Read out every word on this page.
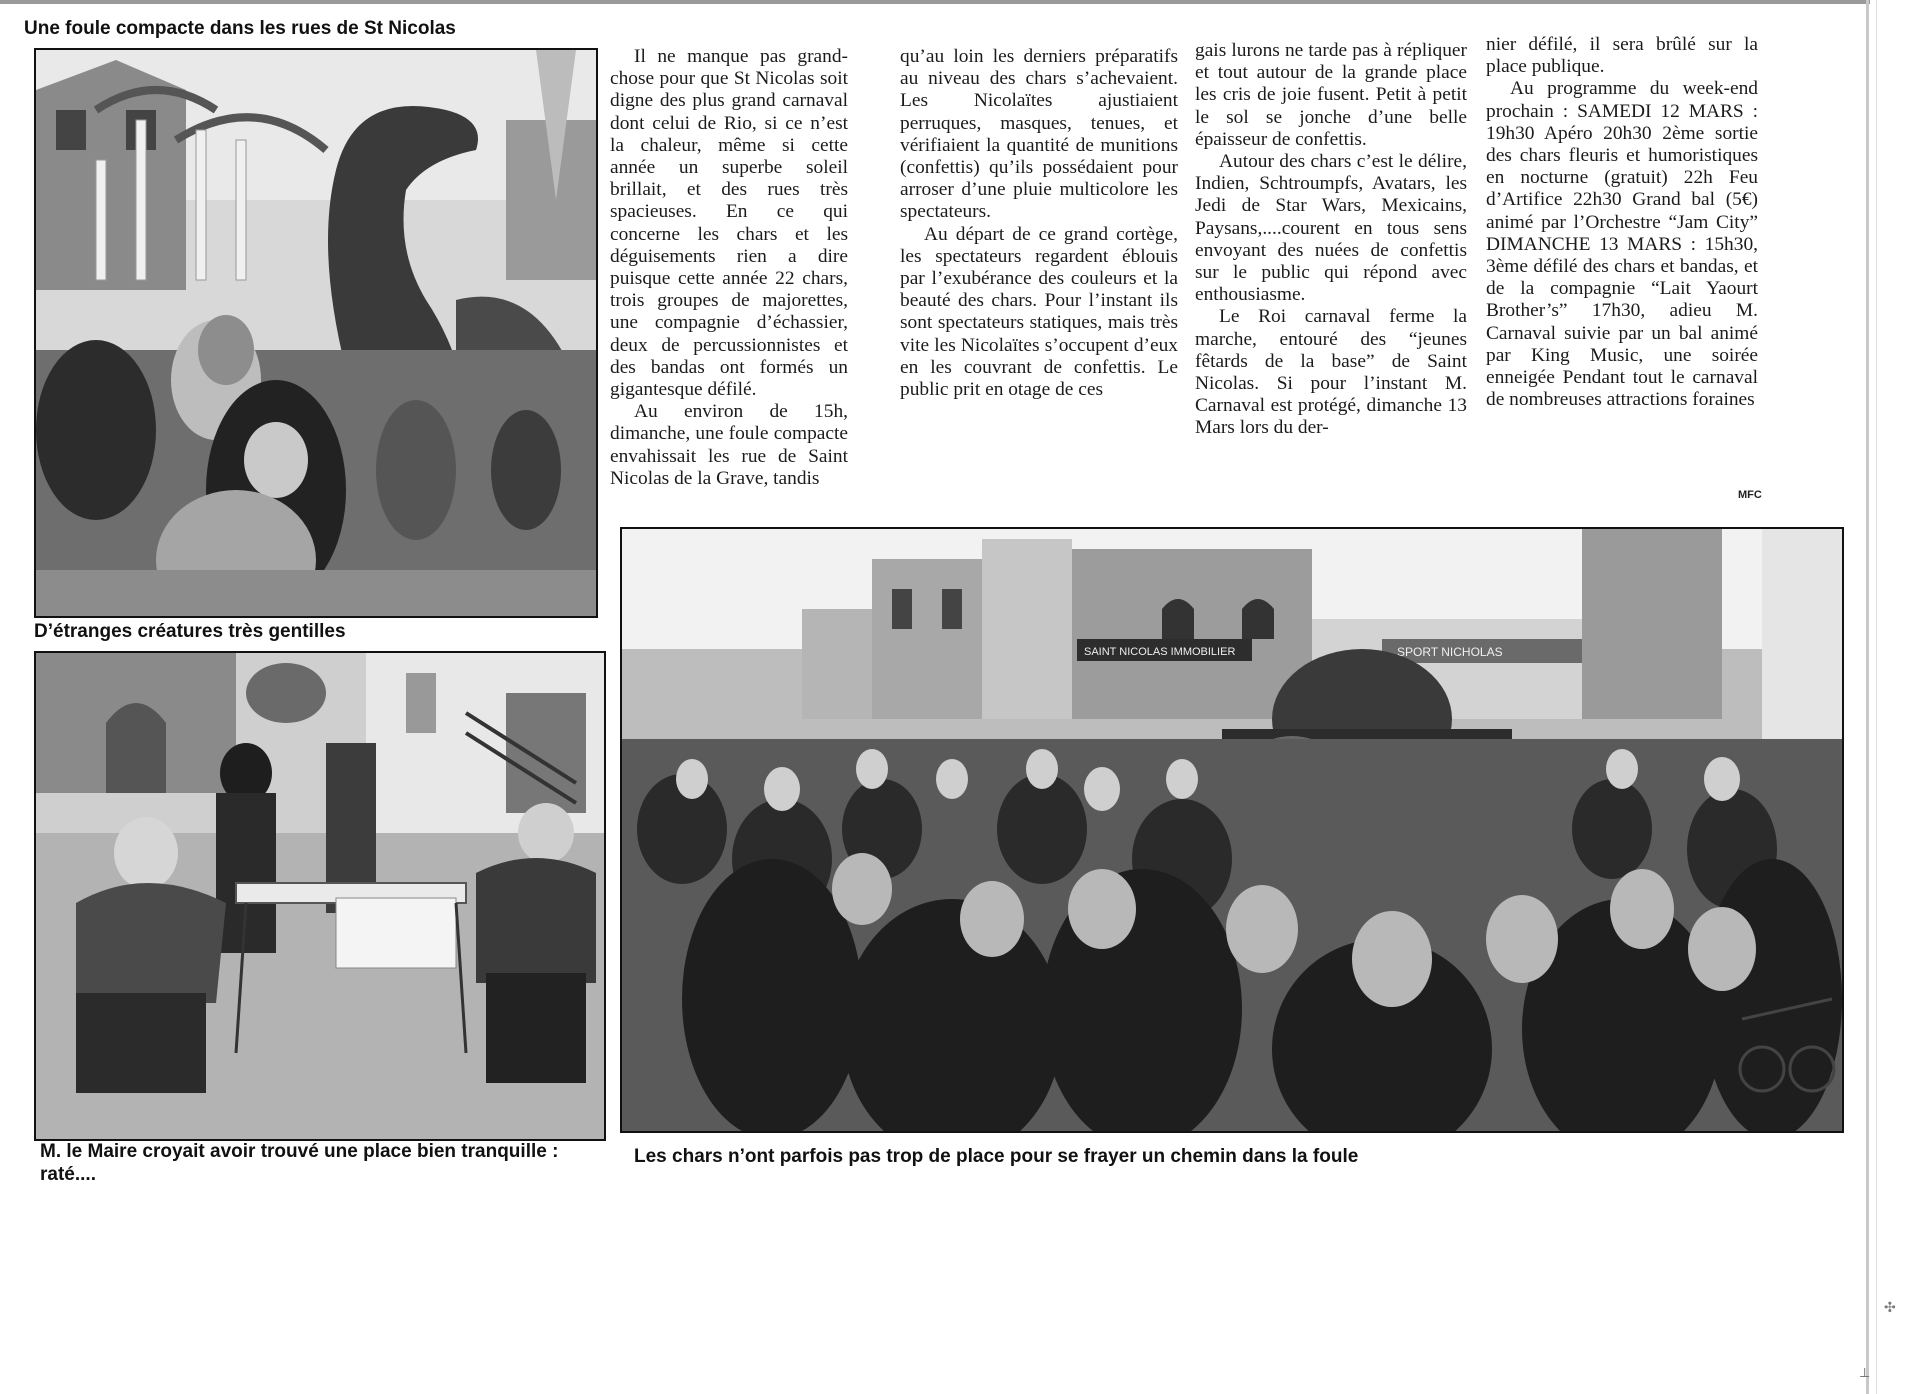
Une foule compacte dans les rues de St Nicolas
D’étranges créatures très gentilles
M. le Maire croyait avoir trouvé une place bien tranquille :
raté....
SAINT NICOLAS IMMOBILIER	SPORT NICHOLAS
Les chars n’ont parfois pas trop de place pour se frayer un chemin dans la foule

Il ne manque pas grand-chose pour que St Nicolas soit digne des plus grand carnaval dont celui de Rio, si ce n’est la chaleur, même si cette année un superbe soleil brillait, et des rues très spacieuses. En ce qui concerne les chars et les déguisements rien a dire puisque cette année 22 chars, trois groupes de majorettes, une compagnie d’échassier, deux de percussionnistes et des bandas ont formés un gigantesque défilé.

Au environ de 15h, dimanche, une foule compacte envahissait les rue de Saint Nicolas de la Grave, tandis

qu’au loin les derniers préparatifs au niveau des chars s’achevaient. Les Nicolaïtes ajustiaient perruques, masques, tenues, et vérifiaient la quantité de munitions (confettis) qu’ils possédaient pour arroser d’une pluie multicolore les spectateurs.

Au départ de ce grand cortège, les spectateurs regardent éblouis par l’exubérance des couleurs et la beauté des chars. Pour l’instant ils sont spectateurs statiques, mais très vite les Nicolaïtes s’occupent d’eux en les couvrant de confettis. Le public prit en otage de ces

gais lurons ne tarde pas à répliquer et tout autour de la grande place les cris de joie fusent. Petit à petit le sol se jonche d’une belle épaisseur de confettis.

Autour des chars c’est le délire, Indien, Schtroumpfs, Avatars, les Jedi de Star Wars, Mexicains, Paysans,....courent en tous sens envoyant des nuées de confettis sur le public qui répond avec enthousiasme.

Le Roi carnaval ferme la marche, entouré des “jeunes fêtards de la base” de Saint Nicolas. Si pour l’instant M. Carnaval est protégé, dimanche 13 Mars lors du der-

nier défilé, il sera brûlé sur la place publique.

Au programme du week-end prochain : SAMEDI 12 MARS : 19h30 Apéro 20h30 2ème sortie des chars fleuris et humoristiques en nocturne (gratuit) 22h Feu d’Artifice 22h30 Grand bal (5€) animé par l’Orchestre “Jam City” DIMANCHE 13 MARS : 15h30, 3ème défilé des chars et bandas, et de la compagnie “Lait Yaourt Brother’s” 17h30, adieu M. Carnaval suivie par un bal animé par King Music, une soirée enneigée Pendant tout le carnaval de nombreuses attractions foraines

MFC
✣
⟂
